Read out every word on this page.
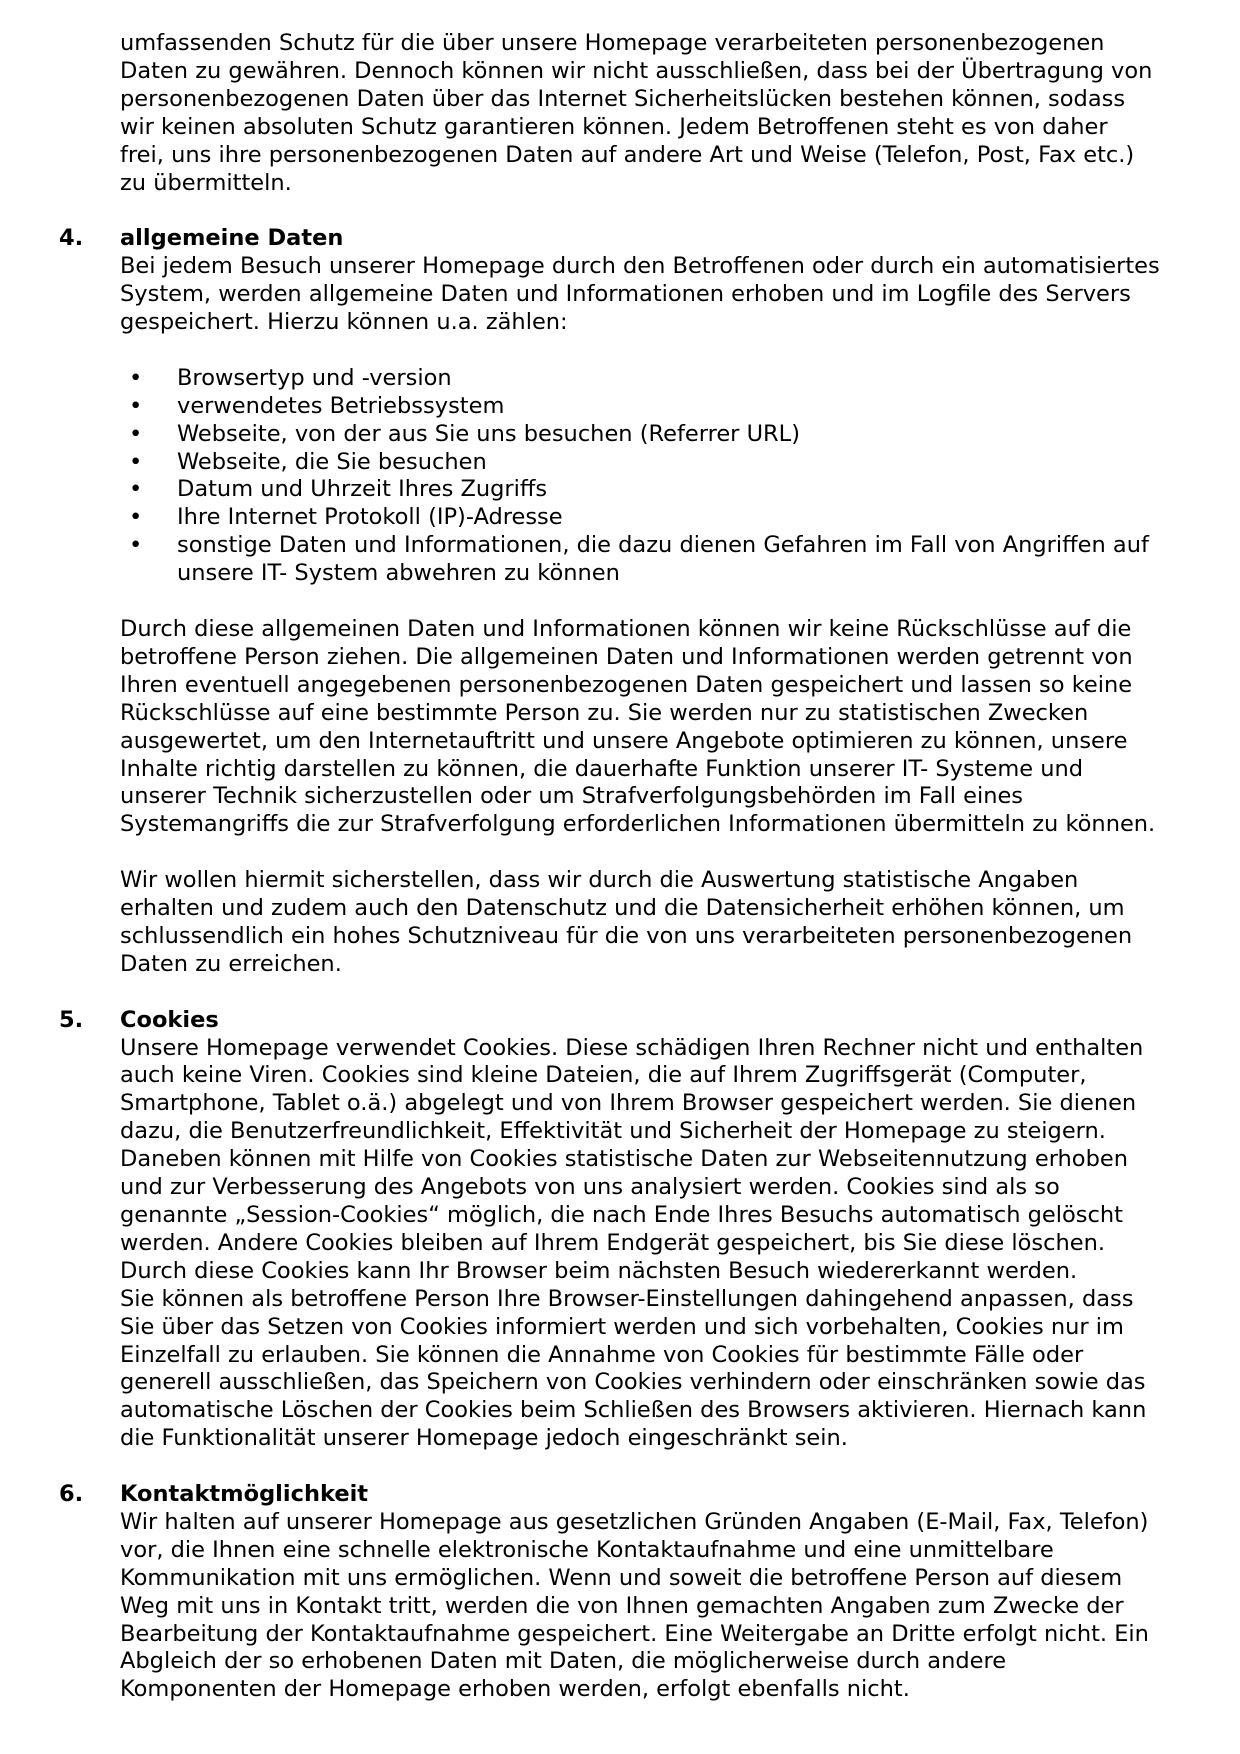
umfassenden Schutz für die über unsere Homepage verarbeiteten personenbezogenen
Daten zu gewähren. Dennoch können wir nicht ausschließen, dass bei der Übertragung von
personenbezogenen Daten über das Internet Sicherheitslücken bestehen können, sodass
wir keinen absoluten Schutz garantieren können. Jedem Betroffenen steht es von daher
frei, uns ihre personenbezogenen Daten auf andere Art und Weise (Telefon, Post, Fax etc.)
zu übermitteln.
4. allgemeine Daten

Bei jedem Besuch unserer Homepage durch den Betroffenen oder durch ein automatisiertes
System, werden allgemeine Daten und Informationen erhoben und im Logfile des Servers
gespeichert. Hierzu können u.a. zählen:
• Browsertyp und -version
• verwendetes Betriebssystem
• Webseite, von der aus Sie uns besuchen (Referrer URL)
• Webseite, die Sie besuchen
• Datum und Uhrzeit Ihres Zugriffs
• Ihre Internet Protokoll (IP)-Adresse
• sonstige Daten und Informationen, die dazu dienen Gefahren im Fall von Angriffen auf
unsere IT- System abwehren zu können
Durch diese allgemeinen Daten und Informationen können wir keine Rückschlüsse auf die
betroffene Person ziehen. Die allgemeinen Daten und Informationen werden getrennt von
Ihren eventuell angegebenen personenbezogenen Daten gespeichert und lassen so keine
Rückschlüsse auf eine bestimmte Person zu. Sie werden nur zu statistischen Zwecken
ausgewertet, um den Internetauftritt und unsere Angebote optimieren zu können, unsere
Inhalte richtig darstellen zu können, die dauerhafte Funktion unserer IT- Systeme und
unserer Technik sicherzustellen oder um Strafverfolgungsbehörden im Fall eines
Systemangriffs die zur Strafverfolgung erforderlichen Informationen übermitteln zu können.
Wir wollen hiermit sicherstellen, dass wir durch die Auswertung statistische Angaben
erhalten und zudem auch den Datenschutz und die Datensicherheit erhöhen können, um
schlussendlich ein hohes Schutzniveau für die von uns verarbeiteten personenbezogenen
Daten zu erreichen.
5. Cookies

Unsere Homepage verwendet Cookies. Diese schädigen Ihren Rechner nicht und enthalten
auch keine Viren. Cookies sind kleine Dateien, die auf Ihrem Zugriffsgerät (Computer,
Smartphone, Tablet o.ä.) abgelegt und von Ihrem Browser gespeichert werden. Sie dienen
dazu, die Benutzerfreundlichkeit, Effektivität und Sicherheit der Homepage zu steigern.
Daneben können mit Hilfe von Cookies statistische Daten zur Webseitennutzung erhoben
und zur Verbesserung des Angebots von uns analysiert werden. Cookies sind als so
genannte „Session-Cookies“ möglich, die nach Ende Ihres Besuchs automatisch gelöscht
werden. Andere Cookies bleiben auf Ihrem Endgerät gespeichert, bis Sie diese löschen.
Durch diese Cookies kann Ihr Browser beim nächsten Besuch wiedererkannt werden.
Sie können als betroffene Person Ihre Browser-Einstellungen dahingehend anpassen, dass
Sie über das Setzen von Cookies informiert werden und sich vorbehalten, Cookies nur im
Einzelfall zu erlauben. Sie können die Annahme von Cookies für bestimmte Fälle oder
generell ausschließen, das Speichern von Cookies verhindern oder einschränken sowie das
automatische Löschen der Cookies beim Schließen des Browsers aktivieren. Hiernach kann
die Funktionalität unserer Homepage jedoch eingeschränkt sein.
6. Kontaktmöglichkeit

Wir halten auf unserer Homepage aus gesetzlichen Gründen Angaben (E-Mail, Fax, Telefon)
vor, die Ihnen eine schnelle elektronische Kontaktaufnahme und eine unmittelbare
Kommunikation mit uns ermöglichen. Wenn und soweit die betroffene Person auf diesem
Weg mit uns in Kontakt tritt, werden die von Ihnen gemachten Angaben zum Zwecke der
Bearbeitung der Kontaktaufnahme gespeichert. Eine Weitergabe an Dritte erfolgt nicht. Ein
Abgleich der so erhobenen Daten mit Daten, die möglicherweise durch andere
Komponenten der Homepage erhoben werden, erfolgt ebenfalls nicht.
